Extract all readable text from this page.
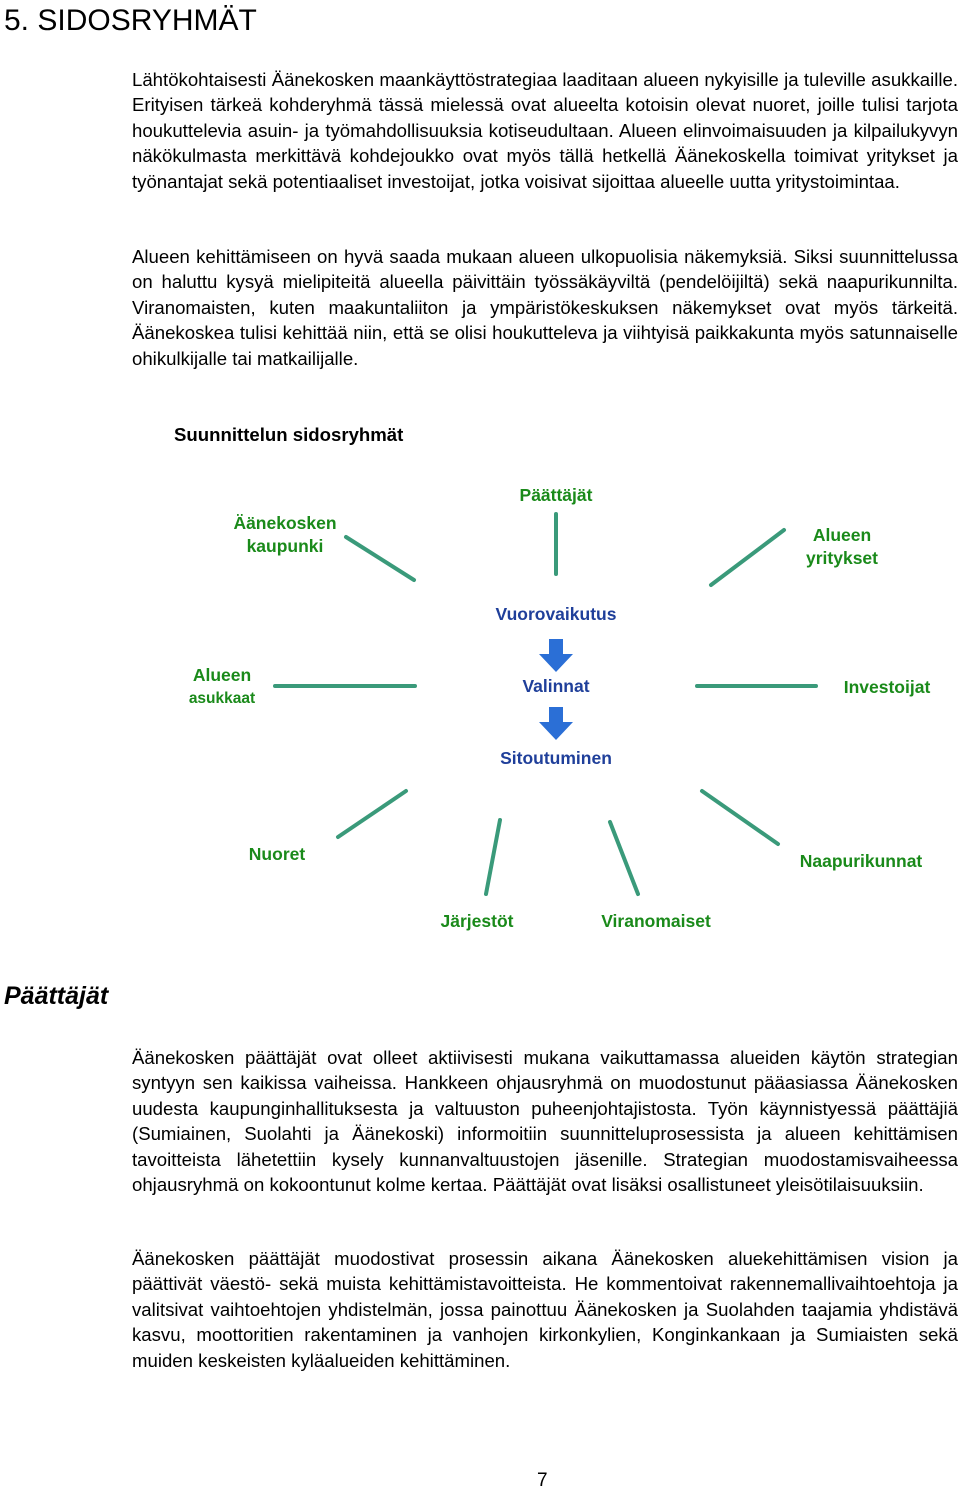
5. SIDOSRYHMÄT

Lähtökohtaisesti Äänekosken maankäyttöstrategiaa laaditaan alueen nykyisille ja tuleville asukkaille. Erityisen tärkeä kohderyhmä tässä mielessä ovat alueelta kotoisin olevat nuoret, joille tulisi tarjota houkuttelevia asuin- ja työmahdollisuuksia kotiseudultaan. Alueen elinvoimaisuuden ja kilpailukyvyn näkökulmasta merkittävä kohdejoukko ovat myös tällä hetkellä Äänekoskella toimivat yritykset ja työnantajat sekä potentiaaliset investoijat, jotka voisivat sijoittaa alueelle uutta yritystoimintaa.

Alueen kehittämiseen on hyvä saada mukaan alueen ulkopuolisia näkemyksiä. Siksi suunnittelussa on haluttu kysyä mielipiteitä alueella päivittäin työssäkäyviltä (pendelöijiltä) sekä naapurikunnilta. Viranomaisten, kuten maakuntaliiton ja ympäristökeskuksen näkemykset ovat myös tärkeitä. Äänekoskea tulisi kehittää niin, että se olisi houkutteleva ja viihtyisä paikkakunta myös satunnaiselle ohikulkijalle tai matkailijalle.

Suunnittelun sidosryhmät
Äänekosken
kaupunki
Päättäjät
Alueen
yritykset
Vuorovaikutus
Alueen
asukkaat
Valinnat	Investoijat
Sitoutuminen
Nuoret	Naapurikunnat
Järjestöt	Viranomaiset
Päättäjät

Äänekosken päättäjät ovat olleet aktiivisesti mukana vaikuttamassa alueiden käytön strategian syntyyn sen kaikissa vaiheissa. Hankkeen ohjausryhmä on muodostunut pääasiassa Äänekosken uudesta kaupunginhallituksesta ja valtuuston puheenjohtajistosta. Työn käynnistyessä päättäjiä (Sumiainen, Suolahti ja Äänekoski) informoitiin suunnitteluprosessista ja alueen kehittämisen tavoitteista lähetettiin kysely kunnanvaltuustojen jäsenille. Strategian muodostamisvaiheessa ohjausryhmä on kokoontunut kolme kertaa. Päättäjät ovat lisäksi osallistuneet yleisötilaisuuksiin.

Äänekosken päättäjät muodostivat prosessin aikana Äänekosken aluekehittämisen vision ja päättivät väestö- sekä muista kehittämistavoitteista. He kommentoivat rakennemallivaihtoehtoja ja valitsivat vaihtoehtojen yhdistelmän, jossa painottuu Äänekosken ja Suolahden taajamia yhdistävä kasvu, moottoritien rakentaminen ja vanhojen kirkonkylien, Konginkankaan ja Sumiaisten sekä muiden keskeisten kyläalueiden kehittäminen.

7
